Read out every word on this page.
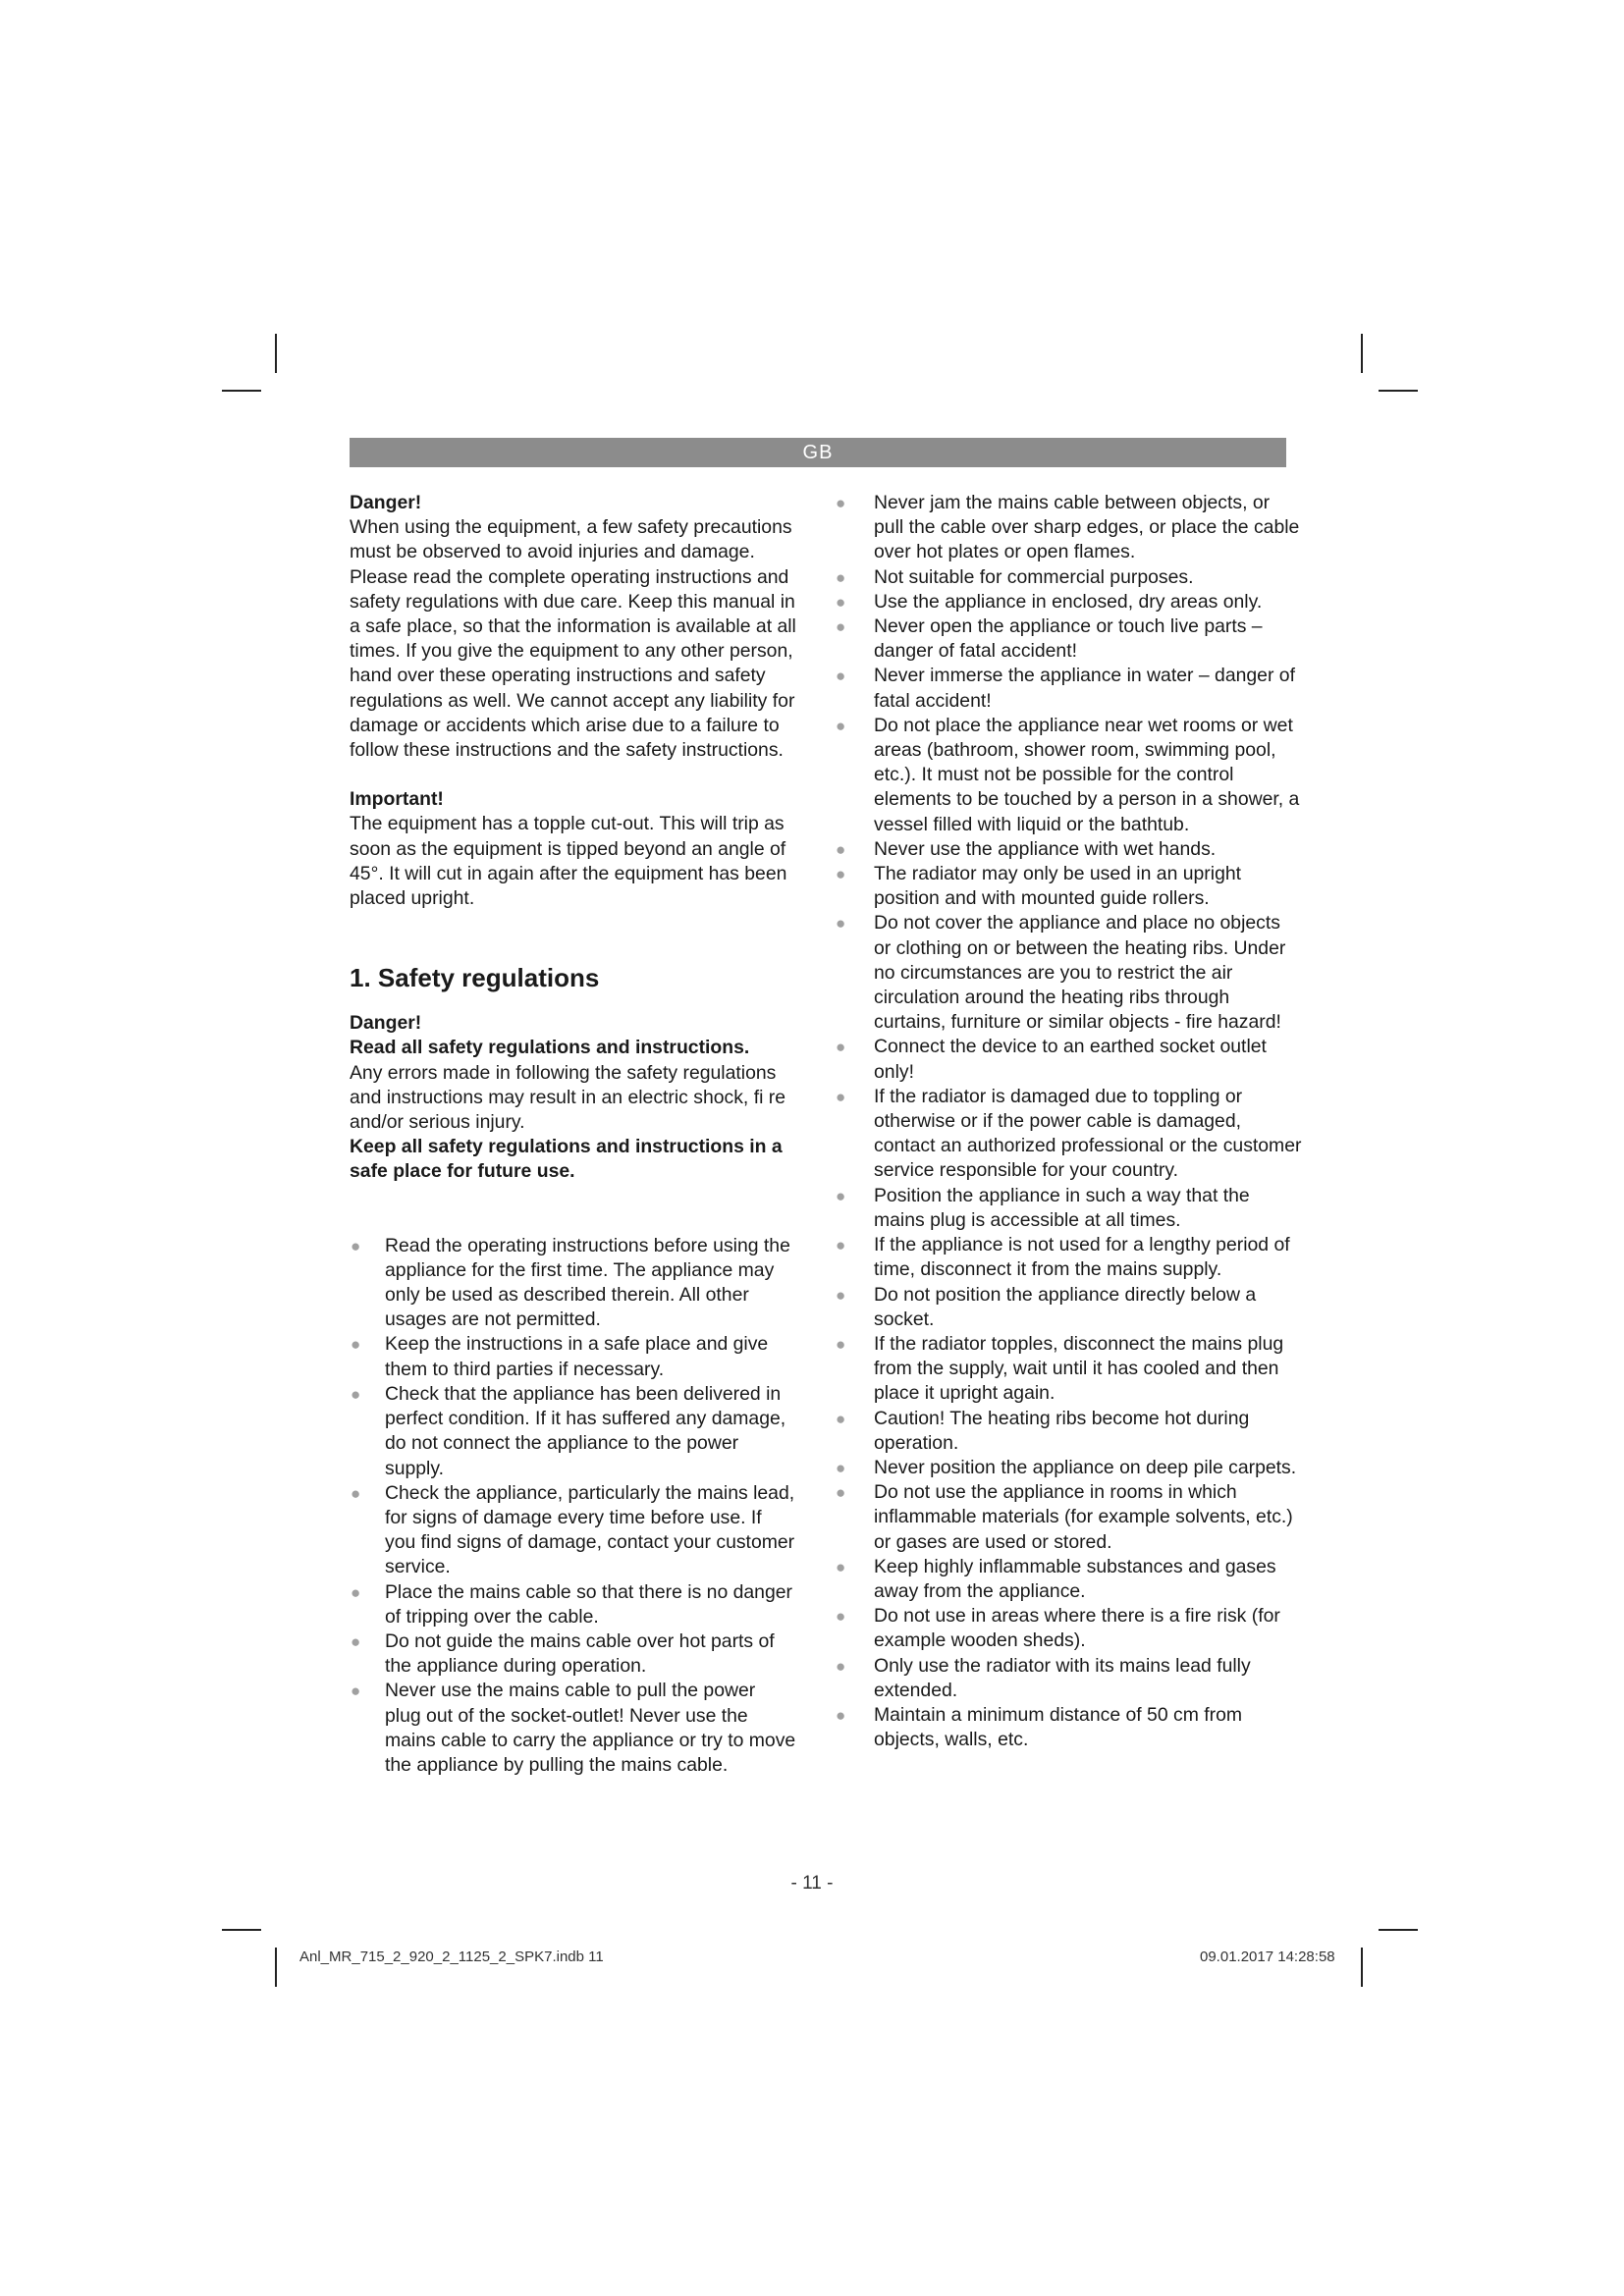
GB

Danger!

When using the equipment, a few safety precautions must be observed to avoid injuries and damage. Please read the complete operating instructions and safety regulations with due care. Keep this manual in a safe place, so that the information is available at all times. If you give the equipment to any other person, hand over these operating instructions and safety regulations as well. We cannot accept any liability for damage or accidents which arise due to a failure to follow these instructions and the safety instructions.

Important!

The equipment has a topple cut-out. This will trip as soon as the equipment is tipped beyond an angle of 45°. It will cut in again after the equipment has been placed upright.

1. Safety regulations

Danger!

Read all safety regulations and instructions.

Any errors made in following the safety regulations and instructions may result in an electric shock, fi re and/or serious injury.

Keep all safety regulations and instructions in a safe place for future use.

● Read the operating instructions before using the appliance for the first time. The appliance may only be used as described therein. All other usages are not permitted.
● Keep the instructions in a safe place and give them to third parties if necessary.
● Check that the appliance has been delivered in perfect condition. If it has suffered any damage, do not connect the appliance to the power supply.
● Check the appliance, particularly the mains lead, for signs of damage every time before use. If you find signs of damage, contact your customer service.
● Place the mains cable so that there is no danger of tripping over the cable.
● Do not guide the mains cable over hot parts of the appliance during operation.
● Never use the mains cable to pull the power plug out of the socket-outlet! Never use the mains cable to carry the appliance or try to move the appliance by pulling the mains cable.
● Never jam the mains cable between objects, or pull the cable over sharp edges, or place the cable over hot plates or open flames.
● Not suitable for commercial purposes.
● Use the appliance in enclosed, dry areas only.
● Never open the appliance or touch live parts – danger of fatal accident!
● Never immerse the appliance in water – danger of fatal accident!
● Do not place the appliance near wet rooms or wet areas (bathroom, shower room, swimming pool, etc.). It must not be possible for the control elements to be touched by a person in a shower, a vessel filled with liquid or the bathtub.
● Never use the appliance with wet hands.
● The radiator may only be used in an upright position and with mounted guide rollers.
● Do not cover the appliance and place no objects or clothing on or between the heating ribs. Under no circumstances are you to restrict the air circulation around the heating ribs through curtains, furniture or similar objects - fire hazard!
● Connect the device to an earthed socket outlet only!
● If the radiator is damaged due to toppling or otherwise or if the power cable is damaged, contact an authorized professional or the customer service responsible for your country.
● Position the appliance in such a way that the mains plug is accessible at all times.
● If the appliance is not used for a lengthy period of time, disconnect it from the mains supply.
● Do not position the appliance directly below a socket.
● If the radiator topples, disconnect the mains plug from the supply, wait until it has cooled and then place it upright again.
● Caution! The heating ribs become hot during operation.
● Never position the appliance on deep pile carpets.
● Do not use the appliance in rooms in which inflammable materials (for example solvents, etc.) or gases are used or stored.
● Keep highly inflammable substances and gases away from the appliance.
● Do not use in areas where there is a fire risk (for example wooden sheds).
● Only use the radiator with its mains lead fully extended.
● Maintain a minimum distance of 50 cm from objects, walls, etc.
- 11 -
Anl_MR_715_2_920_2_1125_2_SPK7.indb 11	09.01.2017 14:28:58
